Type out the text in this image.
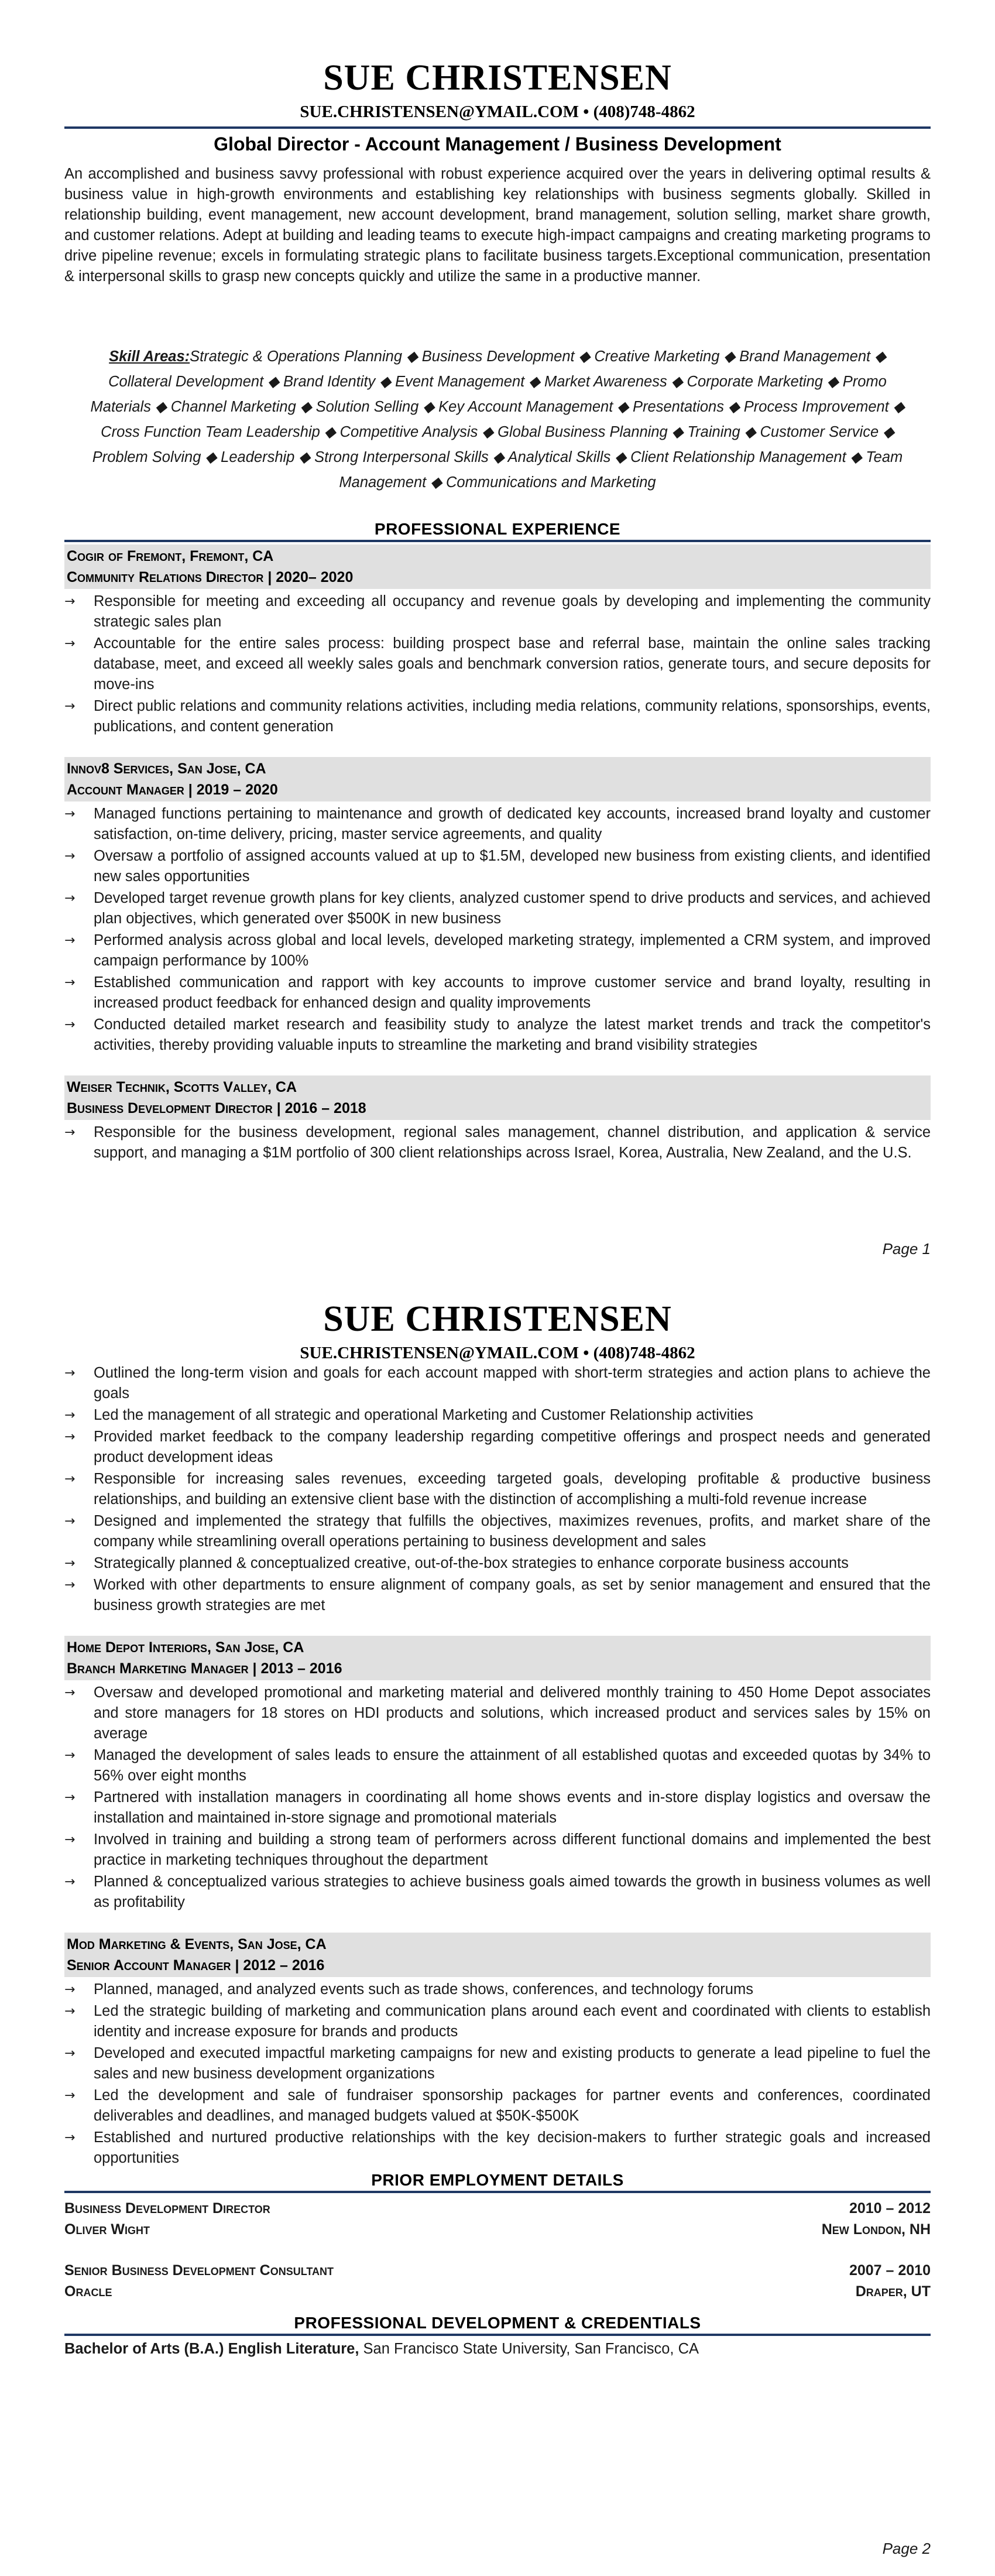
SUE CHRISTENSEN
SUE.CHRISTENSEN@YMAIL.COM • (408)748-4862
Global Director - Account Management / Business Development

An accomplished and business savvy professional with robust experience acquired over the years in delivering optimal results & business value in high-growth environments and establishing key relationships with business segments globally. Skilled in relationship building, event management, new account development, brand management, solution selling, market share growth, and customer relations. Adept at building and leading teams to execute high-impact campaigns and creating marketing programs to drive pipeline revenue; excels in formulating strategic plans to facilitate business targets.Exceptional communication, presentation & interpersonal skills to grasp new concepts quickly and utilize the same in a productive manner.

Skill Areas:Strategic & Operations Planning ◆ Business Development ◆ Creative Marketing ◆ Brand Management ◆ Collateral Development ◆ Brand Identity ◆ Event Management ◆ Market Awareness ◆ Corporate Marketing ◆ Promo Materials ◆ Channel Marketing ◆ Solution Selling ◆ Key Account Management ◆ Presentations ◆ Process Improvement ◆ Cross Function Team Leadership ◆ Competitive Analysis ◆ Global Business Planning ◆ Training ◆ Customer Service ◆ Problem Solving ◆ Leadership ◆ Strong Interpersonal Skills ◆ Analytical Skills ◆ Client Relationship Management ◆ Team Management ◆ Communications and Marketing

PROFESSIONAL EXPERIENCE
Cogir of Fremont, Fremont, CA
Community Relations Director | 2020– 2020
→ Responsible for meeting and exceeding all occupancy and revenue goals by developing and implementing the community strategic sales plan
→ Accountable for the entire sales process: building prospect base and referral base, maintain the online sales tracking database, meet, and exceed all weekly sales goals and benchmark conversion ratios, generate tours, and secure deposits for move-ins
→ Direct public relations and community relations activities, including media relations, community relations, sponsorships, events, publications, and content generation
Innov8 Services, San Jose, CA
Account Manager | 2019 – 2020
→ Managed functions pertaining to maintenance and growth of dedicated key accounts, increased brand loyalty and customer satisfaction, on-time delivery, pricing, master service agreements, and quality
→ Oversaw a portfolio of assigned accounts valued at up to $1.5M, developed new business from existing clients, and identified new sales opportunities
→ Developed target revenue growth plans for key clients, analyzed customer spend to drive products and services, and achieved plan objectives, which generated over $500K in new business
→ Performed analysis across global and local levels, developed marketing strategy, implemented a CRM system, and improved campaign performance by 100%
→ Established communication and rapport with key accounts to improve customer service and brand loyalty, resulting in increased product feedback for enhanced design and quality improvements
→ Conducted detailed market research and feasibility study to analyze the latest market trends and track the competitor's activities, thereby providing valuable inputs to streamline the marketing and brand visibility strategies
Weiser Technik, Scotts Valley, CA
Business Development Director | 2016 – 2018
→ Responsible for the business development, regional sales management, channel distribution, and application & service support, and managing a $1M portfolio of 300 client relationships across Israel, Korea, Australia, New Zealand, and the U.S.
Page 1
SUE CHRISTENSEN
SUE.CHRISTENSEN@YMAIL.COM • (408)748-4862
→ Outlined the long-term vision and goals for each account mapped with short-term strategies and action plans to achieve the goals
→ Led the management of all strategic and operational Marketing and Customer Relationship activities
→ Provided market feedback to the company leadership regarding competitive offerings and prospect needs and generated product development ideas
→ Responsible for increasing sales revenues, exceeding targeted goals, developing profitable & productive business relationships, and building an extensive client base with the distinction of accomplishing a multi-fold revenue increase
→ Designed and implemented the strategy that fulfills the objectives, maximizes revenues, profits, and market share of the company while streamlining overall operations pertaining to business development and sales
→ Strategically planned & conceptualized creative, out-of-the-box strategies to enhance corporate business accounts
→ Worked with other departments to ensure alignment of company goals, as set by senior management and ensured that the business growth strategies are met
Home Depot Interiors, San Jose, CA
Branch Marketing Manager | 2013 – 2016
→ Oversaw and developed promotional and marketing material and delivered monthly training to 450 Home Depot associates and store managers for 18 stores on HDI products and solutions, which increased product and services sales by 15% on average
→ Managed the development of sales leads to ensure the attainment of all established quotas and exceeded quotas by 34% to 56% over eight months
→ Partnered with installation managers in coordinating all home shows events and in-store display logistics and oversaw the installation and maintained in-store signage and promotional materials
→ Involved in training and building a strong team of performers across different functional domains and implemented the best practice in marketing techniques throughout the department
→ Planned & conceptualized various strategies to achieve business goals aimed towards the growth in business volumes as well as profitability
Mod Marketing & Events, San Jose, CA
Senior Account Manager | 2012 – 2016
→ Planned, managed, and analyzed events such as trade shows, conferences, and technology forums
→ Led the strategic building of marketing and communication plans around each event and coordinated with clients to establish identity and increase exposure for brands and products
→ Developed and executed impactful marketing campaigns for new and existing products to generate a lead pipeline to fuel the sales and new business development organizations
→ Led the development and sale of fundraiser sponsorship packages for partner events and conferences, coordinated deliverables and deadlines, and managed budgets valued at $50K-$500K
→ Established and nurtured productive relationships with the key decision-makers to further strategic goals and increased opportunities
PRIOR EMPLOYMENT DETAILS
Business Development Director	2010 – 2012
Oliver Wight	New London, NH
Senior Business Development Consultant	2007 – 2010
Oracle	Draper, UT
PROFESSIONAL DEVELOPMENT & CREDENTIALS

Bachelor of Arts (B.A.) English Literature, San Francisco State University, San Francisco, CA

Page 2
